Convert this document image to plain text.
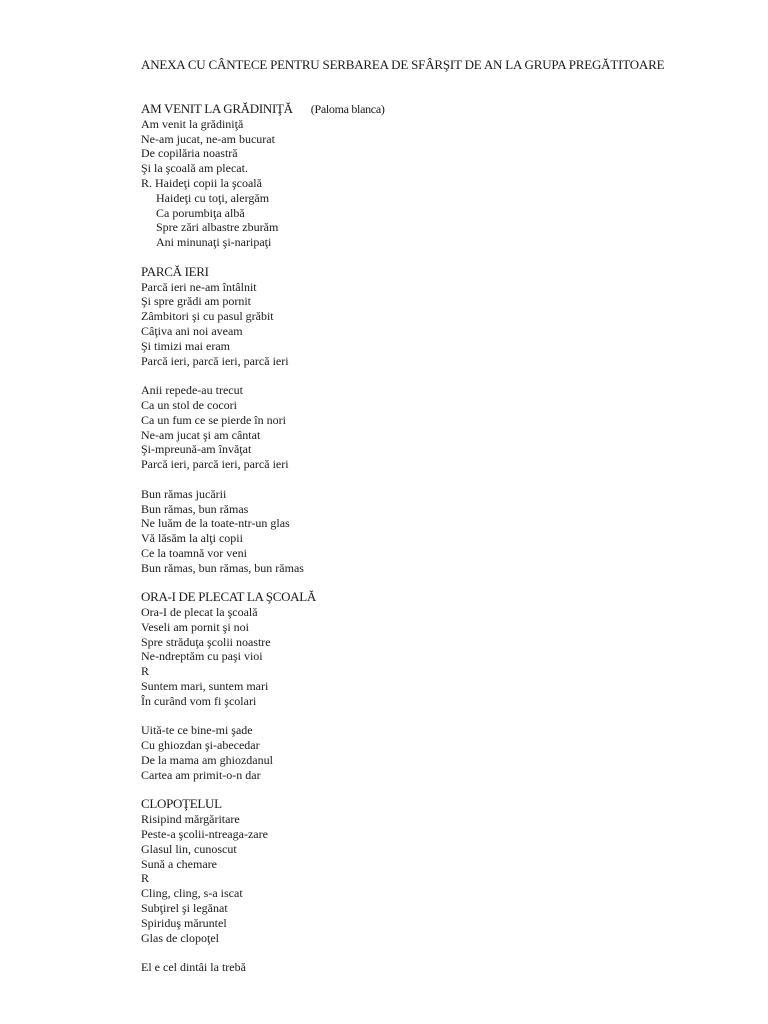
ANEXA CU CÂNTECE PENTRU SERBAREA DE SFÂRŞIT DE AN LA GRUPA PREGĂTITOARE
AM VENIT LA GRĂDINIŢĂ (Paloma blanca)
Am venit la grădiniţă
Ne-am jucat, ne-am bucurat
De copilăria noastră
Şi la şcoală am plecat.
R. Haideţi copii la şcoală
Haideţi cu toţi, alergăm
Ca porumbiţa albă
Spre zări albastre zburăm
Ani minunaţi şi-naripaţi
PARCĂ IERI
Parcă ieri ne-am întâlnit
Şi spre grădi am pornit
Zâmbitori şi cu pasul grăbit
Câţiva ani noi aveam
Şi timizi mai eram
Parcă ieri, parcă ieri, parcă ieri
Anii repede-au trecut
Ca un stol de cocori
Ca un fum ce se pierde în nori
Ne-am jucat şi am cântat
Şi-mpreună-am învăţat
Parcă ieri, parcă ieri, parcă ieri
Bun rămas jucării
Bun rămas, bun rămas
Ne luăm de la toate-ntr-un glas
Vă lăsăm la alţi copii
Ce la toamnă vor veni
Bun rămas, bun rămas, bun rămas
ORA-I DE PLECAT LA ŞCOALĂ
Ora-I de plecat la şcoală
Veseli am pornit şi noi
Spre străduţa şcolii noastre
Ne-ndreptăm cu paşi vioi
R
Suntem mari, suntem mari
În curând vom fi şcolari
Uită-te ce bine-mi şade
Cu ghiozdan şi-abecedar
De la mama am ghiozdanul
Cartea am primit-o-n dar
CLOPOŢELUL
Risipind mărgăritare
Peste-a şcolii-ntreaga-zare
Glasul lin, cunoscut
Sună a chemare
R
Cling, cling, s-a iscat
Subţirel şi legănat
Spiriduş măruntel
Glas de clopoţel
El e cel dintâi la trebă
